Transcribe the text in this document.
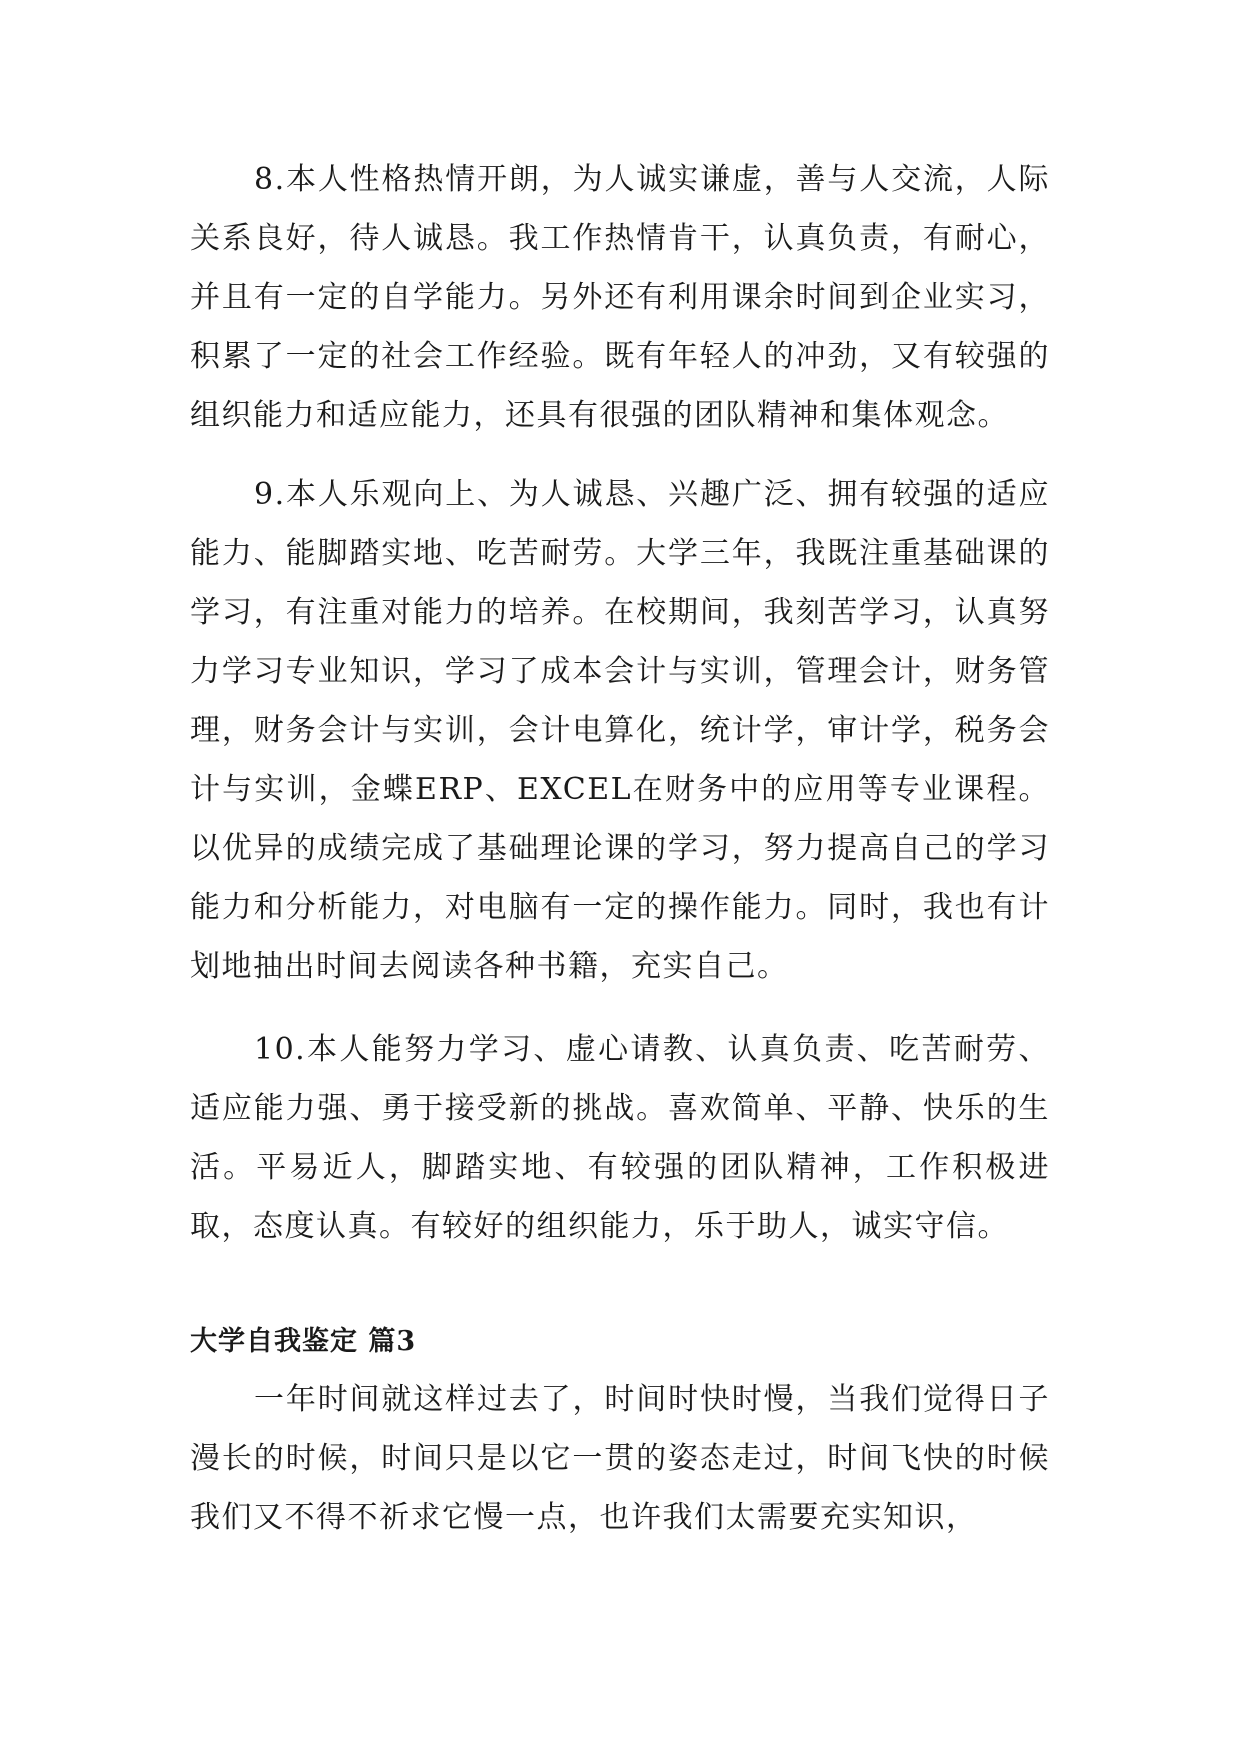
8.本人性格热情开朗，为人诚实谦虚，善与人交流，人际关系良好，待人诚恳。我工作热情肯干，认真负责，有耐心，并且有一定的自学能力。另外还有利用课余时间到企业实习，积累了一定的社会工作经验。既有年轻人的冲劲，又有较强的组织能力和适应能力，还具有很强的团队精神和集体观念。

9.本人乐观向上、为人诚恳、兴趣广泛、拥有较强的适应能力、能脚踏实地、吃苦耐劳。大学三年，我既注重基础课的学习，有注重对能力的培养。在校期间，我刻苦学习，认真努力学习专业知识，学习了成本会计与实训，管理会计，财务管理，财务会计与实训，会计电算化，统计学，审计学，税务会计与实训，金蝶ERP、EXCEL在财务中的应用等专业课程。以优异的成绩完成了基础理论课的学习，努力提高自己的学习能力和分析能力，对电脑有一定的操作能力。同时，我也有计划地抽出时间去阅读各种书籍，充实自己。

10.本人能努力学习、虚心请教、认真负责、吃苦耐劳、适应能力强、勇于接受新的挑战。喜欢简单、平静、快乐的生活。平易近人，脚踏实地、有较强的团队精神，工作积极进取，态度认真。有较好的组织能力，乐于助人，诚实守信。

大学自我鉴定 篇3

一年时间就这样过去了，时间时快时慢，当我们觉得日子漫长的时候，时间只是以它一贯的姿态走过，时间飞快的时候我们又不得不祈求它慢一点，也许我们太需要充实知识，
